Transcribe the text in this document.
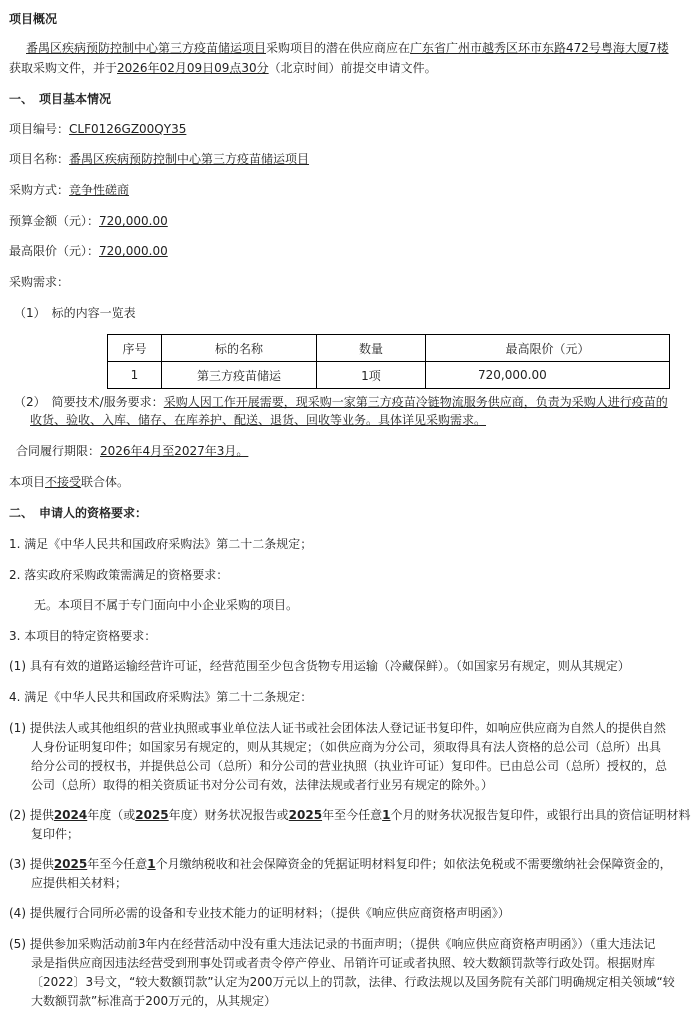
项目概况
番禺区疾病预防控制中心第三方疫苗储运项目采购项目的潜在供应商应在广东省广州市越秀区环市东路472号粤海大厦7楼
获取采购文件，并于2026年02月09日09点30分（北京时间）前提交申请文件。
一、　项目基本情况
项目编号：CLF0126GZ00QY35
项目名称：番禺区疾病预防控制中心第三方疫苗储运项目
采购方式：竞争性磋商
预算金额（元）：720,000.00
最高限价（元）：720,000.00
采购需求：
（1）　标的内容一览表
序号	标的名称	数量	最高限价（元）
1	第三方疫苗储运	1项	720,000.00
（2）　简要技术/服务要求：采购人因工作开展需要，现采购一家第三方疫苗冷链物流服务供应商，负责为采购人进行疫苗的
收货、验收、入库、储存、在库养护、配送、退货、回收等业务。具体详见采购需求。
合同履行期限：2026年4月至2027年3月。
本项目不接受联合体。
二、　申请人的资格要求：
1. 满足《中华人民共和国政府采购法》第二十二条规定；
2. 落实政府采购政策需满足的资格要求：
无。本项目不属于专门面向中小企业采购的项目。
3. 本项目的特定资格要求：
(1) 具有有效的道路运输经营许可证，经营范围至少包含货物专用运输（冷藏保鲜）。（如国家另有规定，则从其规定）
4. 满足《中华人民共和国政府采购法》第二十二条规定：
(1) 提供法人或其他组织的营业执照或事业单位法人证书或社会团体法人登记证书复印件，如响应供应商为自然人的提供自然
人身份证明复印件；如国家另有规定的，则从其规定；（如供应商为分公司，须取得具有法人资格的总公司（总所）出具
给分公司的授权书，并提供总公司（总所）和分公司的营业执照（执业许可证）复印件。已由总公司（总所）授权的，总
公司（总所）取得的相关资质证书对分公司有效，法律法规或者行业另有规定的除外。）
(2) 提供2024年度（或2025年度）财务状况报告或2025年至今任意1个月的财务状况报告复印件，或银行出具的资信证明材料
复印件；
(3) 提供2025年至今任意1个月缴纳税收和社会保障资金的凭据证明材料复印件；如依法免税或不需要缴纳社会保障资金的，
应提供相关材料；
(4) 提供履行合同所必需的设备和专业技术能力的证明材料；（提供《响应供应商资格声明函》）
(5) 提供参加采购活动前3年内在经营活动中没有重大违法记录的书面声明；（提供《响应供应商资格声明函》）（重大违法记
录是指供应商因违法经营受到刑事处罚或者责令停产停业、吊销许可证或者执照、较大数额罚款等行政处罚。根据财库
〔2022〕3号文，“较大数额罚款”认定为200万元以上的罚款，法律、行政法规以及国务院有关部门明确规定相关领域“较
大数额罚款”标准高于200万元的，从其规定）
